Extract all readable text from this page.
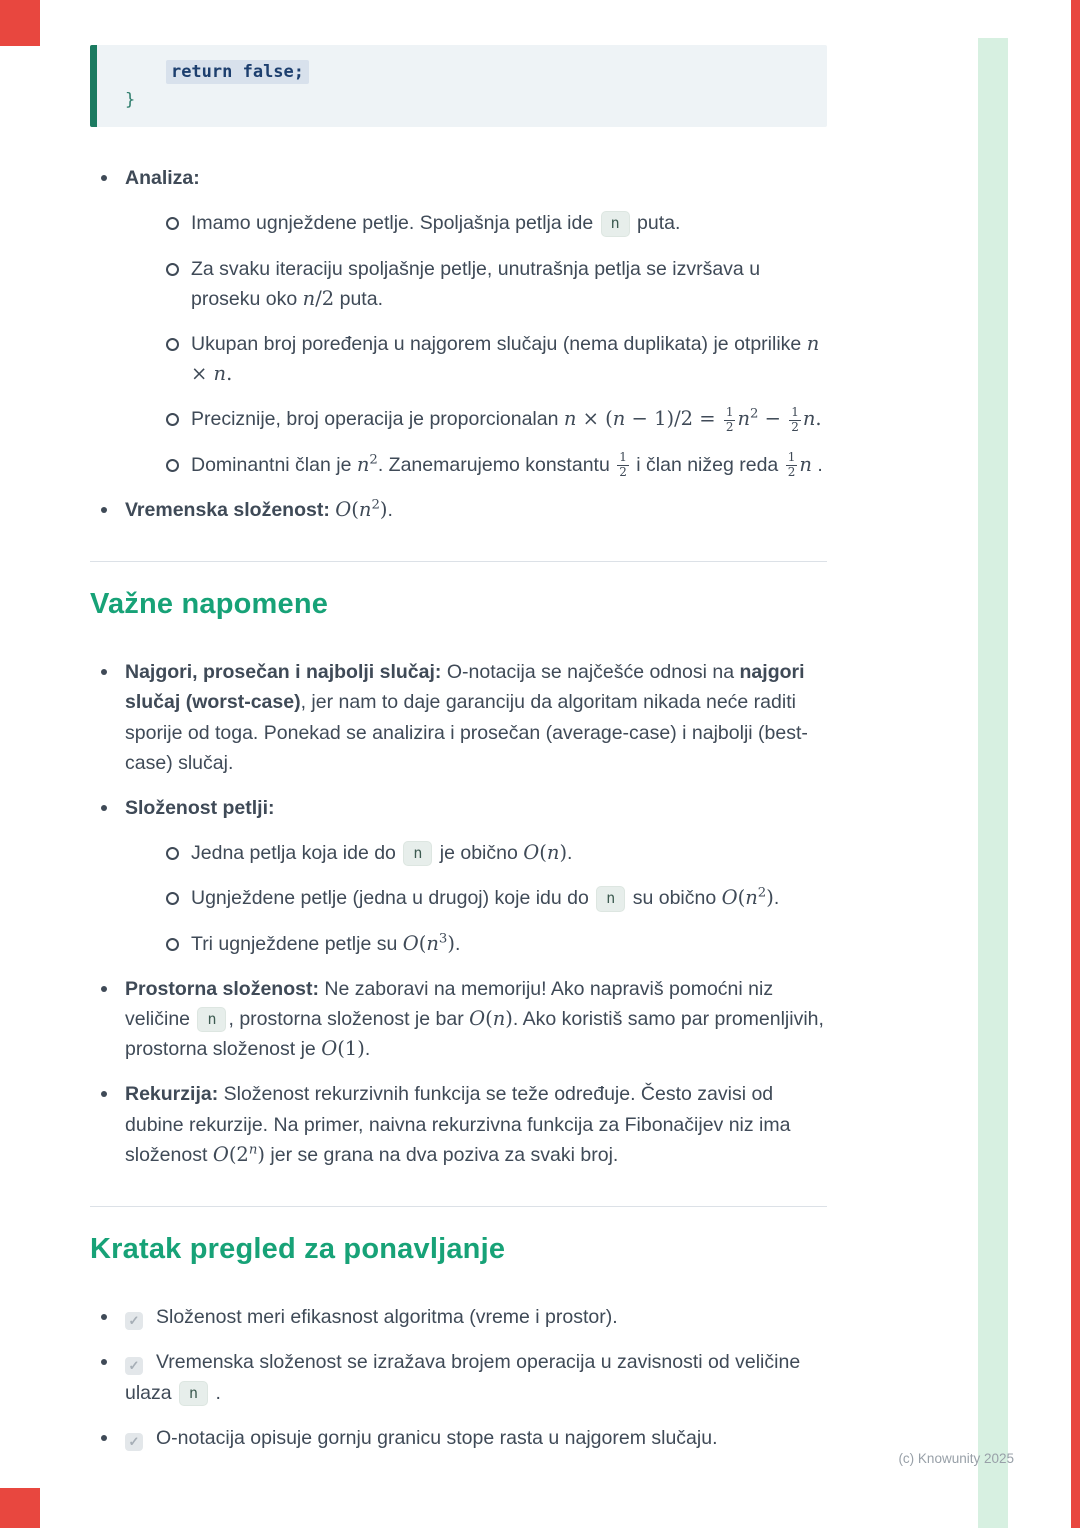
return false;
}
Analiza:
Imamo ugnježdene petlje. Spoljašnja petlja ide n puta.
Za svaku iteraciju spoljašnje petlje, unutrašnja petlja se izvršava u proseku oko n/2 puta.
Ukupan broj poređenja u najgorem slučaju (nema duplikata) je otprilike n × n.
Preciznije, broj operacija je proporcionalan $n \times (n - 1)/2 = \frac{1}{2} n^2 - \frac{1}{2} n$.
Dominantni član je $n^2$. Zanemarujemo konstantu $\frac{1}{2}$ i član nižeg reda $\frac{1}{2}$ n .
Vremenska složenost: $O(n^2)$.
Važne napomene
Najgori, prosečan i najbolji slučaj: O-notacija se najčešće odnosi na najgori slučaj (worst-case), jer nam to daje garanciju da algoritam nikada neće raditi sporije od toga. Ponekad se analizira i prosečan (average-case) i najbolji (best-case) slučaj.
Složenost petlji:
Jedna petlja koja ide do n je obično O(n).
Ugnježdene petlje (jedna u drugoj) koje idu do n su obično $O(n^2)$.
Tri ugnježdene petlje su $O(n^3)$.
Prostorna složenost: Ne zaboravi na memoriju! Ako napraviš pomoćni niz veličine n , prostorna složenost je bar O(n). Ako koristiš samo par promenljivih, prostorna složenost je O(1).
Rekurzija: Složenost rekurzivnih funkcija se teže određuje. Često zavisi od dubine rekurzije. Na primer, naivna rekurzivna funkcija za Fibonačijev niz ima složenost O(2$^n$) jer se grana na dva poziva za svaki broj.
Kratak pregled za ponavljanje
✓ Složenost meri efikasnost algoritma (vreme i prostor).
✓ Vremenska složenost se izražava brojem operacija u zavisnosti od veličine ulaza n .
✓ O-notacija opisuje gornju granicu stope rasta u najgorem slučaju.
(c) Knowunity 2025
